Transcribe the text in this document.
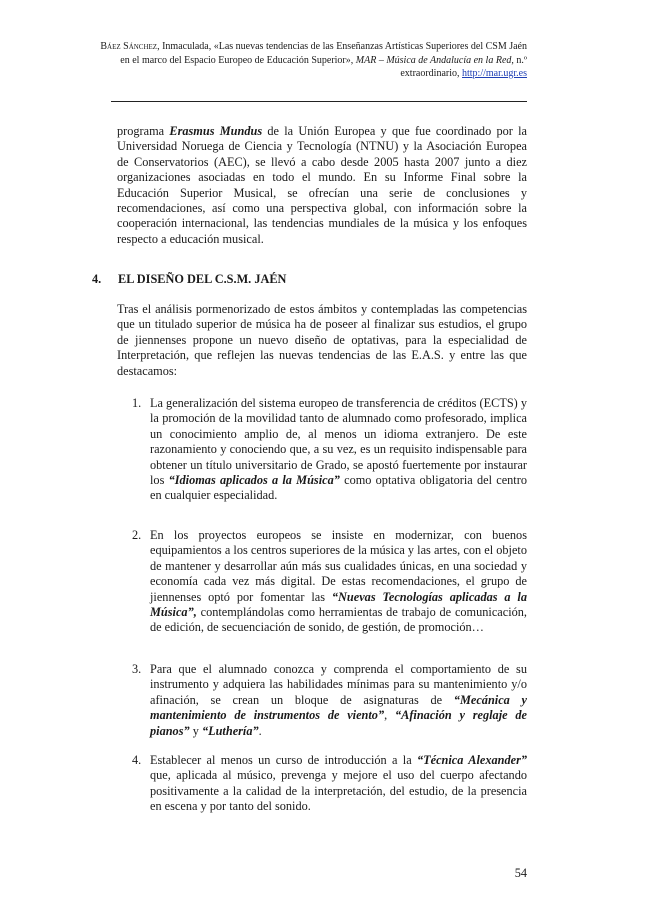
Báez Sánchez, Inmaculada, «Las nuevas tendencias de las Enseñanzas Artísticas Superiores del CSM Jaén en el marco del Espacio Europeo de Educación Superior», MAR – Música de Andalucía en la Red, n.º extraordinario, http://mar.ugr.es
programa Erasmus Mundus de la Unión Europea y que fue coordinado por la Universidad Noruega de Ciencia y Tecnología (NTNU) y la Asociación Europea de Conservatorios (AEC), se llevó a cabo desde 2005 hasta 2007 junto a diez organizaciones asociadas en todo el mundo. En su Informe Final sobre la Educación Superior Musical, se ofrecían una serie de conclusiones y recomendaciones, así como una perspectiva global, con información sobre la cooperación internacional, las tendencias mundiales de la música y los enfoques respecto a educación musical.
4. EL DISEÑO DEL C.S.M. JAÉN
Tras el análisis pormenorizado de estos ámbitos y contempladas las competencias que un titulado superior de música ha de poseer al finalizar sus estudios, el grupo de jiennenses propone un nuevo diseño de optativas, para la especialidad de Interpretación, que reflejen las nuevas tendencias de las E.A.S. y entre las que destacamos:
1. La generalización del sistema europeo de transferencia de créditos (ECTS) y la promoción de la movilidad tanto de alumnado como profesorado, implica un conocimiento amplio de, al menos un idioma extranjero. De este razonamiento y conociendo que, a su vez, es un requisito indispensable para obtener un título universitario de Grado, se apostó fuertemente por instaurar los “Idiomas aplicados a la Música” como optativa obligatoria del centro en cualquier especialidad.
2. En los proyectos europeos se insiste en modernizar, con buenos equipamientos a los centros superiores de la música y las artes, con el objeto de mantener y desarrollar aún más sus cualidades únicas, en una sociedad y economía cada vez más digital. De estas recomendaciones, el grupo de jiennenses optó por fomentar las “Nuevas Tecnologías aplicadas a la Música”, contemplándolas como herramientas de trabajo de comunicación, de edición, de secuenciación de sonido, de gestión, de promoción…
3. Para que el alumnado conozca y comprenda el comportamiento de su instrumento y adquiera las habilidades mínimas para su mantenimiento y/o afinación, se crean un bloque de asignaturas de “Mecánica y mantenimiento de instrumentos de viento”, “Afinación y reglaje de pianos” y “Luthería”.
4. Establecer al menos un curso de introducción a la “Técnica Alexander” que, aplicada al músico, prevenga y mejore el uso del cuerpo afectando positivamente a la calidad de la interpretación, del estudio, de la presencia en escena y por tanto del sonido.
54
